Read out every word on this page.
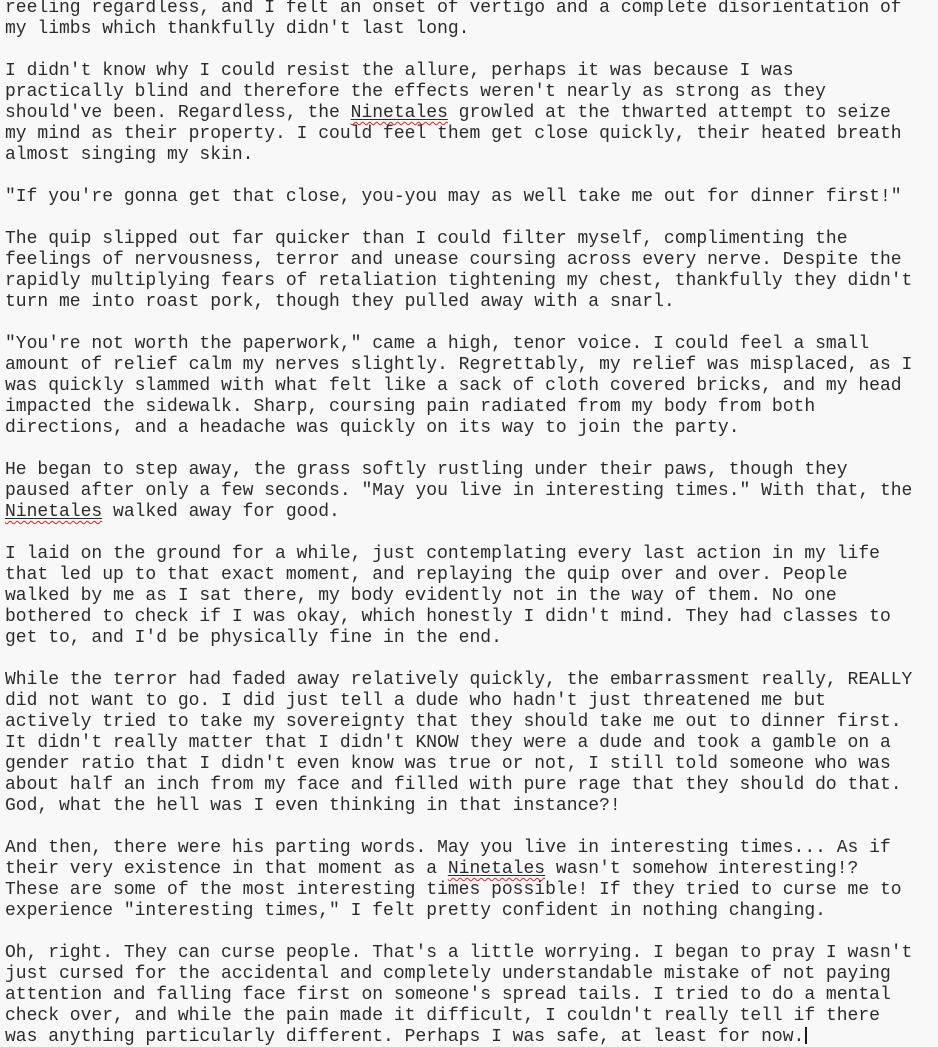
reeling regardless, and I felt an onset of vertigo and a complete disorientation of
my limbs which thankfully didn't last long.
I didn't know why I could resist the allure, perhaps it was because I was
practically blind and therefore the effects weren't nearly as strong as they
should've been. Regardless, the Ninetales growled at the thwarted attempt to seize
my mind as their property. I could feel them get close quickly, their heated breath
almost singing my skin.
"If you're gonna get that close, you-you may as well take me out for dinner first!"
The quip slipped out far quicker than I could filter myself, complimenting the
feelings of nervousness, terror and unease coursing across every nerve. Despite the
rapidly multiplying fears of retaliation tightening my chest, thankfully they didn't
turn me into roast pork, though they pulled away with a snarl.
"You're not worth the paperwork," came a high, tenor voice. I could feel a small
amount of relief calm my nerves slightly. Regrettably, my relief was misplaced, as I
was quickly slammed with what felt like a sack of cloth covered bricks, and my head
impacted the sidewalk. Sharp, coursing pain radiated from my body from both
directions, and a headache was quickly on its way to join the party.
He began to step away, the grass softly rustling under their paws, though they
paused after only a few seconds. "May you live in interesting times." With that, the
Ninetales walked away for good.
I laid on the ground for a while, just contemplating every last action in my life
that led up to that exact moment, and replaying the quip over and over. People
walked by me as I sat there, my body evidently not in the way of them. No one
bothered to check if I was okay, which honestly I didn't mind. They had classes to
get to, and I'd be physically fine in the end.
While the terror had faded away relatively quickly, the embarrassment really, REALLY
did not want to go. I did just tell a dude who hadn't just threatened me but
actively tried to take my sovereignty that they should take me out to dinner first.
It didn't really matter that I didn't KNOW they were a dude and took a gamble on a
gender ratio that I didn't even know was true or not, I still told someone who was
about half an inch from my face and filled with pure rage that they should do that.
God, what the hell was I even thinking in that instance?!
And then, there were his parting words. May you live in interesting times... As if
their very existence in that moment as a Ninetales wasn't somehow interesting!?
These are some of the most interesting times possible! If they tried to curse me to
experience "interesting times," I felt pretty confident in nothing changing.
Oh, right. They can curse people. That's a little worrying. I began to pray I wasn't
just cursed for the accidental and completely understandable mistake of not paying
attention and falling face first on someone's spread tails. I tried to do a mental
check over, and while the pain made it difficult, I couldn't really tell if there
was anything particularly different. Perhaps I was safe, at least for now.
